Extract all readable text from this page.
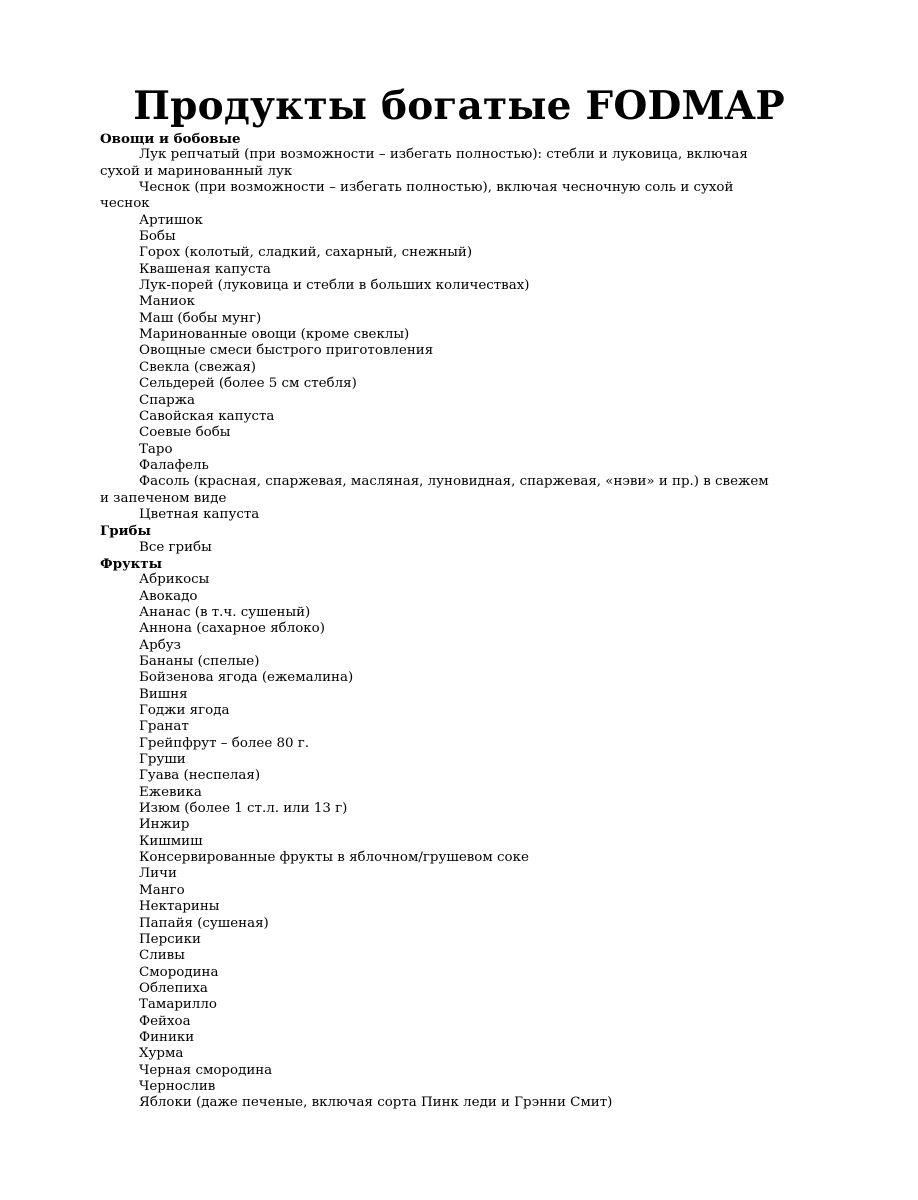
Продукты богатые FODMAP
Овощи и бобовые
Лук репчатый (при возможности – избегать полностью): стебли и луковица, включая сухой и маринованный лук
Чеснок (при возможности – избегать полностью), включая чесночную соль и сухой чеснок
Артишок
Бобы
Горох (колотый, сладкий, сахарный, снежный)
Квашеная капуста
Лук-порей (луковица и стебли в больших количествах)
Маниок
Маш (бобы мунг)
Маринованные овощи (кроме свеклы)
Овощные смеси быстрого приготовления
Свекла (свежая)
Сельдерей (более 5 см стебля)
Спаржа
Савойская капуста
Соевые бобы
Таро
Фалафель
Фасоль (красная, спаржевая, масляная, луновидная, спаржевая, «нэви» и пр.) в свежем и запеченом виде
Цветная капуста
Грибы
Все грибы
Фрукты
Абрикосы
Авокадо
Ананас (в т.ч. сушеный)
Аннона (сахарное яблоко)
Арбуз
Бананы (спелые)
Бойзенова ягода (ежемалина)
Вишня
Годжи ягода
Гранат
Грейпфрут – более 80 г.
Груши
Гуава (неспелая)
Ежевика
Изюм (более 1 ст.л. или 13 г)
Инжир
Кишмиш
Консервированные фрукты в яблочном/грушевом соке
Личи
Манго
Нектарины
Папайя (сушеная)
Персики
Сливы
Смородина
Облепиха
Тамарилло
Фейхоа
Финики
Хурма
Черная смородина
Чернослив
Яблоки (даже печеные, включая сорта Пинк леди и Грэнни Смит)
